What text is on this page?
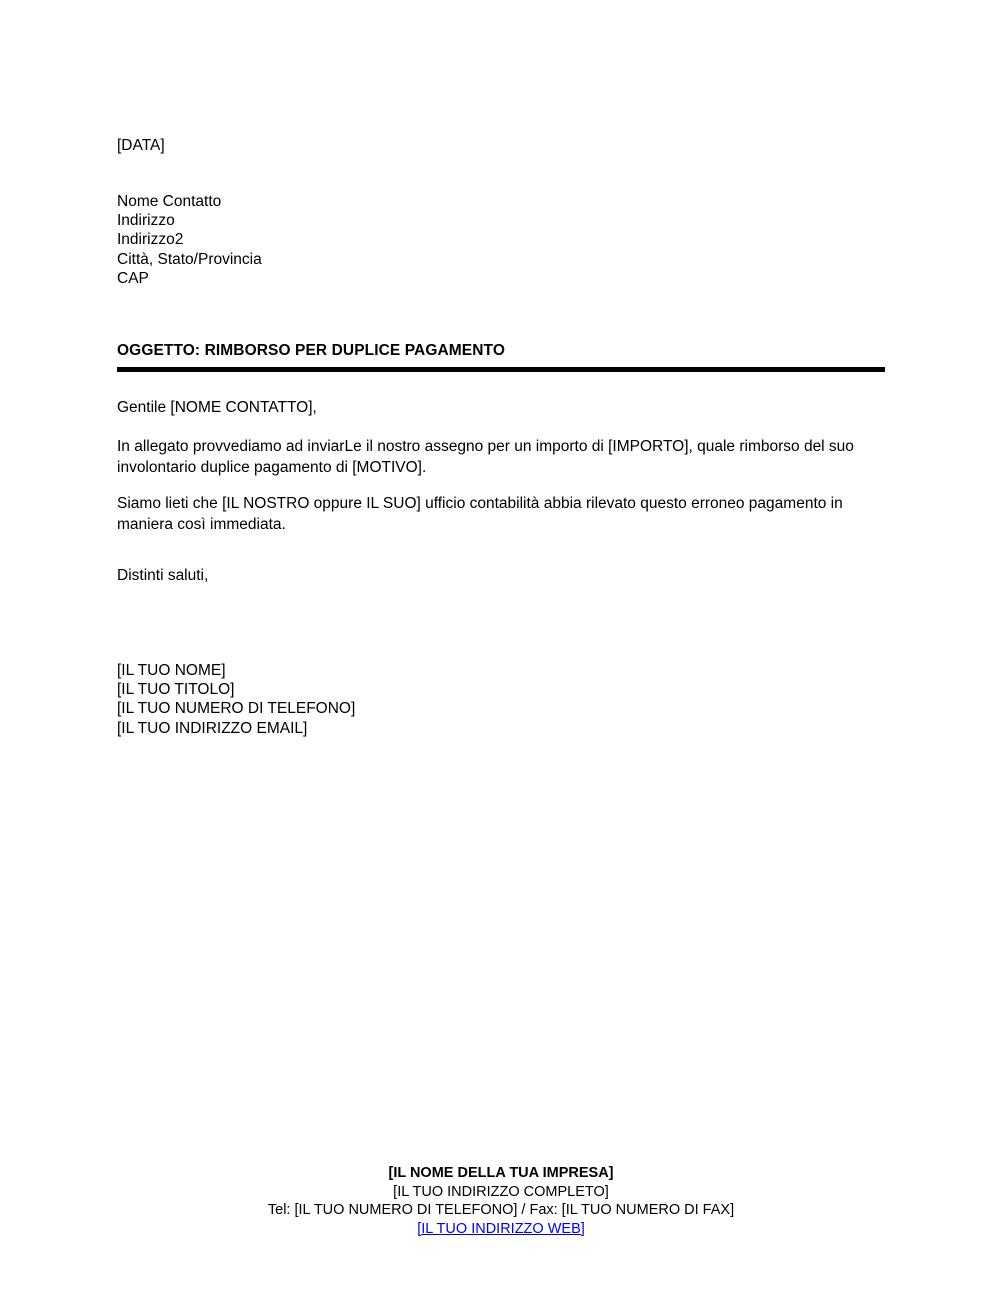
[DATA]
Nome Contatto
Indirizzo
Indirizzo2
Città, Stato/Provincia
CAP
OGGETTO: RIMBORSO PER DUPLICE PAGAMENTO
Gentile [NOME CONTATTO],
In allegato provvediamo ad inviarLe il nostro assegno per un importo di [IMPORTO], quale rimborso del suo involontario duplice pagamento di [MOTIVO].
Siamo lieti che [IL NOSTRO oppure IL SUO] ufficio contabilità abbia rilevato questo erroneo pagamento in maniera così immediata.
Distinti saluti,
[IL TUO NOME]
[IL TUO TITOLO]
[IL TUO NUMERO DI TELEFONO]
[IL TUO INDIRIZZO EMAIL]
[IL NOME DELLA TUA IMPRESA]
[IL TUO INDIRIZZO COMPLETO]
Tel: [IL TUO NUMERO DI TELEFONO] / Fax: [IL TUO NUMERO DI FAX]
[IL TUO INDIRIZZO WEB]
